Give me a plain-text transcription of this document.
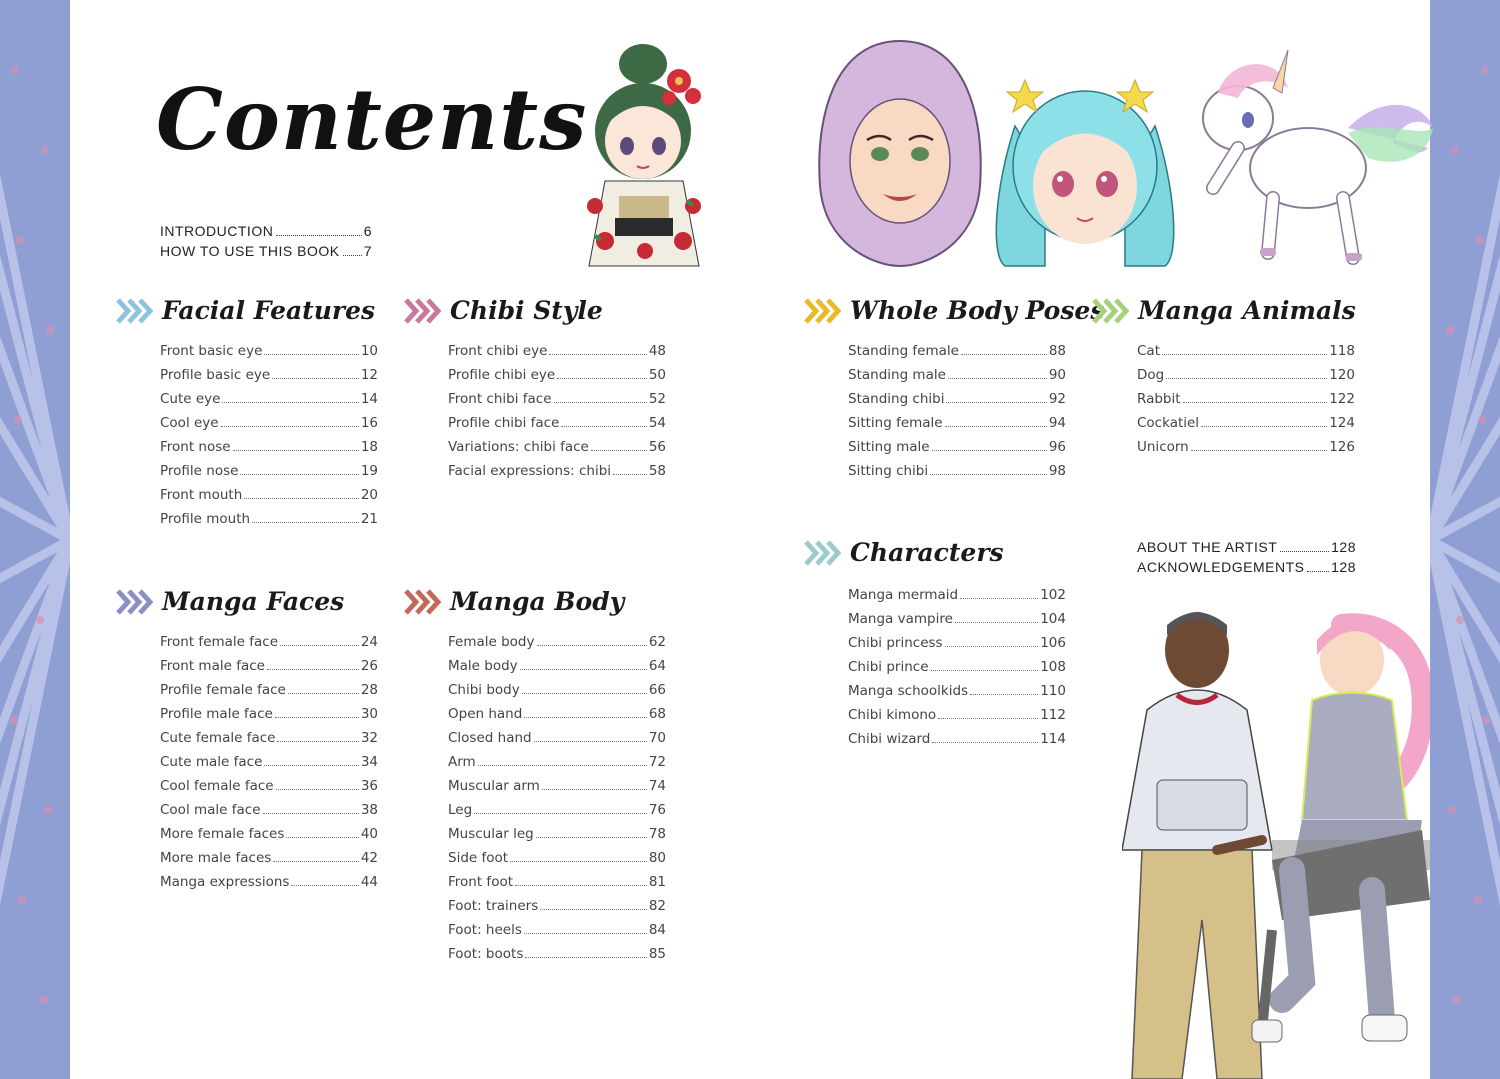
Contents
INTRODUCTION	6
HOW TO USE THIS BOOK 7
ABOUT THE ARTIST	128
ACKNOWLEDGEMENTS 128
Facial Features	Chibi Style	Whole Body Poses Manga Animals
Characters
Manga Faces	Manga Body
Front basic eye	10
Profile basic eye	12
Cute eye	14
Cool eye	16
Front nose	18
Profile nose	19
Front mouth	20
Profile mouth	21
Front chibi eye	48
Profile chibi eye	50
Front chibi face	52
Profile chibi face	54
Variations: chibi face	56
Facial expressions: chibi	58
Standing female	88
Standing male	90
Standing chibi	92
Sitting female	94
Sitting male	96
Sitting chibi	98
Cat	118
Dog	120
Rabbit	122
Cockatiel	124
Unicorn	126
Manga mermaid	102
Manga vampire	104
Chibi princess	106
Chibi prince	108
Manga schoolkids	110
Chibi kimono	112
Chibi wizard	114
Front female face	24
Front male face	26
Profile female face	28
Profile male face	30
Cute female face	32
Cute male face	34
Cool female face	36
Cool male face	38
More female faces	40
More male faces	42
Manga expressions	44
Female body	62
Male body	64
Chibi body	66
Open hand	68
Closed hand	70
Arm	72
Muscular arm	74
Leg	76
Muscular leg	78
Side foot	80
Front foot	81
Foot: trainers	82
Foot: heels	84
Foot: boots	85
